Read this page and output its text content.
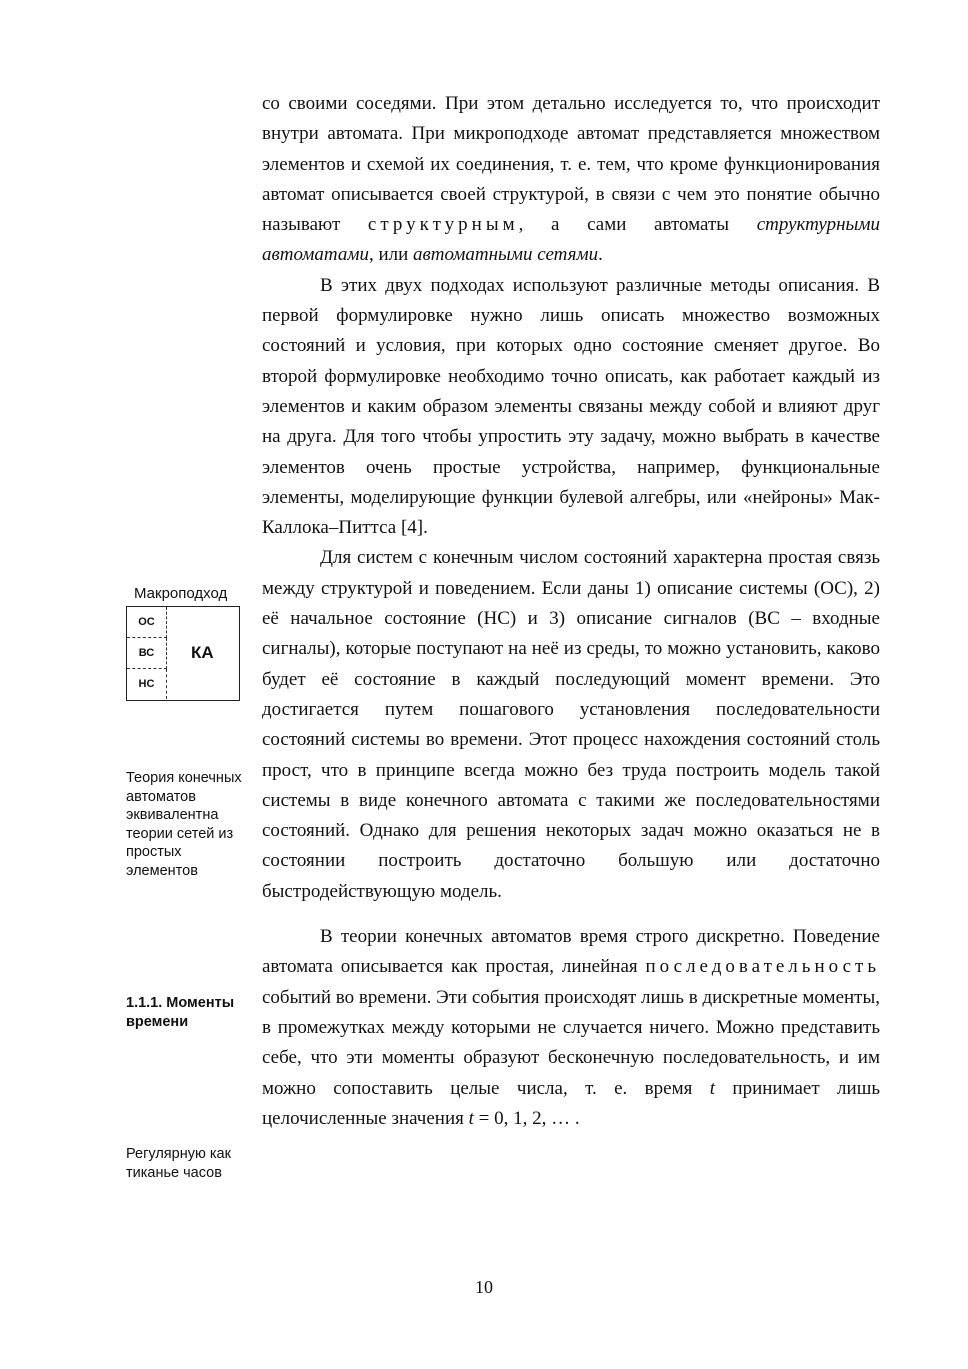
со своими соседями. При этом детально исследуется то, что происходит внутри автомата. При микроподходе автомат представляется множеством элементов и схемой их соединения, т. е. тем, что кроме функционирования автомат описывается своей структурой, в связи с чем это понятие обычно называют структурным, а сами автоматы структурными автоматами, или автоматными сетями.

В этих двух подходах используют различные методы описания. В первой формулировке нужно лишь описать множество возможных состояний и условия, при которых одно состояние сменяет другое. Во второй формулировке необходимо точно описать, как работает каждый из элементов и каким образом элементы связаны между собой и влияют друг на друга. Для того чтобы упростить эту задачу, можно выбрать в качестве элементов очень простые устройства, например, функциональные элементы, моделирующие функции булевой алгебры, или «нейроны» Мак-Каллока–Питтса [4].

Для систем с конечным числом состояний характерна простая связь между структурой и поведением. Если даны 1) описание системы (ОС), 2) её начальное состояние (НС) и 3) описание сигналов (ВС – входные сигналы), которые поступают на неё из среды, то можно установить, каково будет её состояние в каждый последующий момент времени. Это достигается путем пошагового установления последовательности состояний системы во времени. Этот процесс нахождения состояний столь прост, что в принципе всегда можно без труда построить модель такой системы в виде конечного автомата с такими же последовательностями состояний. Однако для решения некоторых задач можно оказаться не в состоянии построить достаточно большую или достаточно быстродействующую модель.

В теории конечных автоматов время строго дискретно. Поведение автомата описывается как простая, линейная последовательность событий во времени. Эти события происходят лишь в дискретные моменты, в промежутках между которыми не случается ничего. Можно представить себе, что эти моменты образуют бесконечную последовательность, и им можно сопоставить целые числа, т. е. время t принимает лишь целочисленные значения t = 0, 1, 2, … .

Макроподход
ОС
ВС
НС
КА
Теория конечных автоматов эквивалентна теории сетей из простых элементов
1.1.1. Моменты времени
Регулярную как тиканье часов
10
